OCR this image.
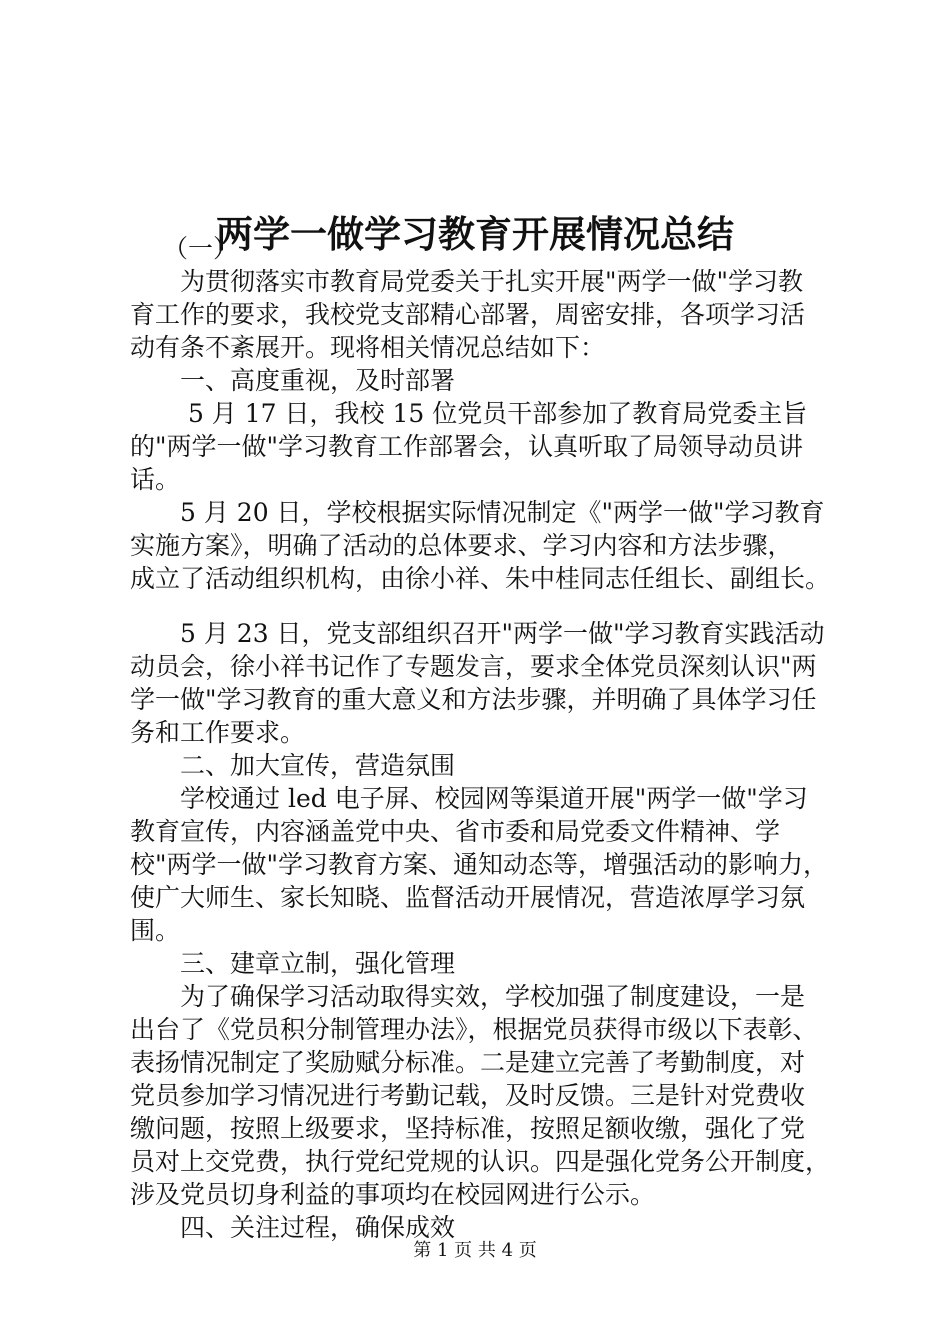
两学一做学习教育开展情况总结
　 （一）
　　为贯彻落实市教育局党委关于扎实开展"两学一做"学习教
育工作的要求，我校党支部精心部署，周密安排，各项学习活
动有条不紊展开。现将相关情况总结如下：
　　一、高度重视，及时部署
　　 5 月 17 日，我校 15 位党员干部参加了教育局党委主旨
的"两学一做"学习教育工作部署会，认真听取了局领导动员讲
话。
　　5 月 20 日，学校根据实际情况制定《"两学一做"学习教育
实施方案》，明确了活动的总体要求、学习内容和方法步骤，
成立了活动组织机构，由徐小祥、朱中桂同志任组长、副组长。
　　5 月 23 日，党支部组织召开"两学一做"学习教育实践活动
动员会，徐小祥书记作了专题发言，要求全体党员深刻认识"两
学一做"学习教育的重大意义和方法步骤，并明确了具体学习任
务和工作要求。
　　二、加大宣传，营造氛围
　　学校通过 led 电子屏、校园网等渠道开展"两学一做"学习
教育宣传，内容涵盖党中央、省市委和局党委文件精神、学
校"两学一做"学习教育方案、通知动态等，增强活动的影响力，
使广大师生、家长知晓、监督活动开展情况，营造浓厚学习氛
围。
　　三、建章立制，强化管理
　　为了确保学习活动取得实效，学校加强了制度建设，一是
出台了《党员积分制管理办法》，根据党员获得市级以下表彰、
表扬情况制定了奖励赋分标准。二是建立完善了考勤制度，对
党员参加学习情况进行考勤记载，及时反馈。三是针对党费收
缴问题，按照上级要求，坚持标准，按照足额收缴，强化了党
员对上交党费，执行党纪党规的认识。四是强化党务公开制度，
涉及党员切身利益的事项均在校园网进行公示。
　　四、关注过程，确保成效
第 1 页 共 4 页
